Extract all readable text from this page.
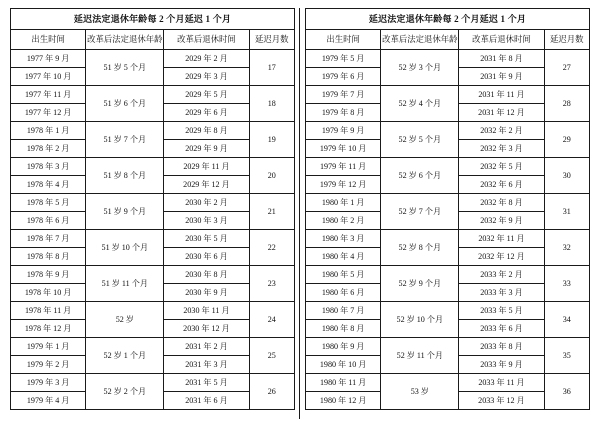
延迟法定退休年龄每 2 个月延迟 1 个月			
出生时间	改革后法定退休年龄	改革后退休时间	延迟月数
1977 年 9 月	51 岁 5 个月	2029 年 2 月	17
1977 年 10 月		2029 年 3 月	
1977 年 11 月	51 岁 6 个月	2029 年 5 月	18
1977 年 12 月		2029 年 6 月	
1978 年 1 月	51 岁 7 个月	2029 年 8 月	19
1978 年 2 月		2029 年 9 月	
1978 年 3 月	51 岁 8 个月	2029 年 11 月	20
1978 年 4 月		2029 年 12 月	
1978 年 5 月	51 岁 9 个月	2030 年 2 月	21
1978 年 6 月		2030 年 3 月	
1978 年 7 月	51 岁 10 个月	2030 年 5 月	22
1978 年 8 月		2030 年 6 月	
1978 年 9 月	51 岁 11 个月	2030 年 8 月	23
1978 年 10 月		2030 年 9 月	
1978 年 11 月	52 岁	2030 年 11 月	24
1978 年 12 月		2030 年 12 月	
1979 年 1 月	52 岁 1 个月	2031 年 2 月	25
1979 年 2 月		2031 年 3 月	
1979 年 3 月	52 岁 2 个月	2031 年 5 月	26
1979 年 4 月		2031 年 6 月	
延迟法定退休年龄每 2 个月延迟 1 个月			
出生时间	改革后法定退休年龄	改革后退休时间	延迟月数
1979 年 5 月	52 岁 3 个月	2031 年 8 月	27
1979 年 6 月		2031 年 9 月	
1979 年 7 月	52 岁 4 个月	2031 年 11 月	28
1979 年 8 月		2031 年 12 月	
1979 年 9 月	52 岁 5 个月	2032 年 2 月	29
1979 年 10 月		2032 年 3 月	
1979 年 11 月	52 岁 6 个月	2032 年 5 月	30
1979 年 12 月		2032 年 6 月	
1980 年 1 月	52 岁 7 个月	2032 年 8 月	31
1980 年 2 月		2032 年 9 月	
1980 年 3 月	52 岁 8 个月	2032 年 11 月	32
1980 年 4 月		2032 年 12 月	
1980 年 5 月	52 岁 9 个月	2033 年 2 月	33
1980 年 6 月		2033 年 3 月	
1980 年 7 月	52 岁 10 个月	2033 年 5 月	34
1980 年 8 月		2033 年 6 月	
1980 年 9 月	52 岁 11 个月	2033 年 8 月	35
1980 年 10 月		2033 年 9 月	
1980 年 11 月	53 岁	2033 年 11 月	36
1980 年 12 月		2033 年 12 月	
